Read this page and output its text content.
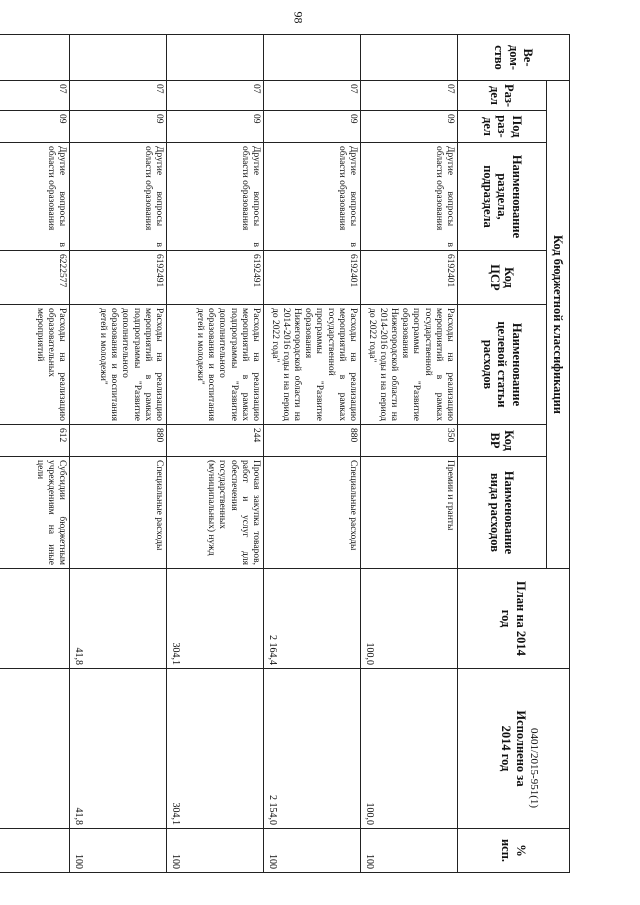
98
0401/2015-951(1)
Ве-
дом-
ство	Код бюджетной классификации							План на 2014
год	Исполнено за
2014 год	%
исп.
	Раз-
дел	Под
раз-
дел	Наименование
раздела,
подраздела	Код
ЦСР	Наименование
целевой статьи
расходов	Код
ВР	Наименование
вида расходов			
	07	09	Другие вопросы в области образования	6192401	Расходы на реализацию мероприятий в рамках государственной программы "Развитие образования Нижегородской области на 2014-2016 годы и на период до 2022 года"	350	Премии и гранты	100,0	100,0	100
	07	09	Другие вопросы в области образования	6192401	Расходы на реализацию мероприятий в рамках государственной программы "Развитие образования Нижегородской области на 2014-2016 годы и на период до 2022 года"	880	Специальные расходы	2 164,4	2 154,0	100
	07	09	Другие вопросы в области образования	6192491	Расходы на реализацию мероприятий в рамках подпрограммы "Развитие дополнительного образования и воспитания детей и молодежи"	244	Прочая закупка товаров, работ и услуг для обеспечения государственных (муниципальных) нужд	304,1	304,1	100
	07	09	Другие вопросы в области образования	6192491	Расходы на реализацию мероприятий в рамках подпрограммы "Развитие дополнительного образования и воспитания детей и молодежи"	880	Специальные расходы	41,8	41,8	100
	07	09	Другие вопросы в области образования	6222577	Расходы на реализацию образовательных мероприятий	612	Субсидии бюджетным учреждениям на иные цели			
